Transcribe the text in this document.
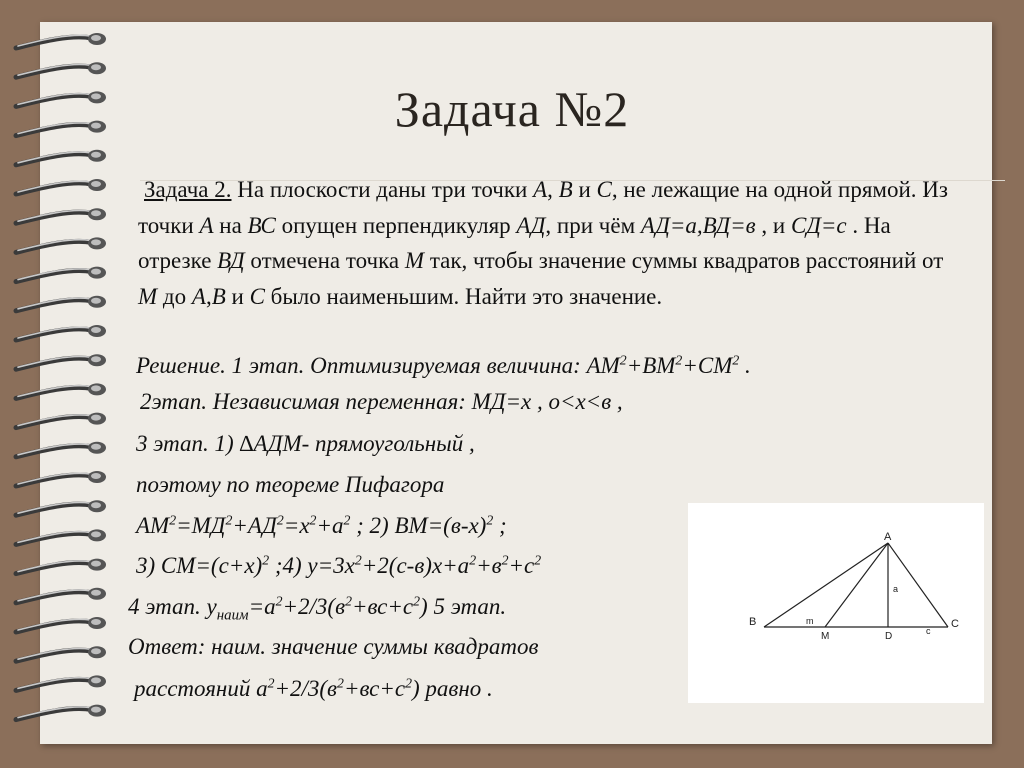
Задача №2
Задача 2. На плоскости даны три точки А, В и С, не лежащие на одной прямой. Из точки А на ВС опущен перпендикуляр АД, при чём АД=а,ВД=в , и СД=с . На отрезке ВД отмечена точка М так, чтобы значение суммы квадратов расстояний от М до А,В и С было наименьшим. Найти это значение.
Решение. 1 этап. Оптимизируемая величина: $АМ^2+ВМ^2+СМ^2$ .
2этап. Независимая переменная: МД=х , о<х<в ,
3 этап. 1) ∆АДМ- прямоугольный ,
поэтому по теореме Пифагора
$АМ^2=МД^2+АД^2=х^2+а^2$ ; 2) $ВМ=(в-х)^2$ ;
3) $СМ=(с+х)^2$ ;4) $у=3х^2+2(с-в)х+а^2+в^2+с^2$
4 этап. $у_{наим}=а^2+2/3(в^2+вс+с^2)$ 5 этап.
Ответ: наим. значение суммы квадратов
расстояний $а^2+2/3(в^2+вс+с^2)$ равно .
A
B	C
D
M
a
m
c
